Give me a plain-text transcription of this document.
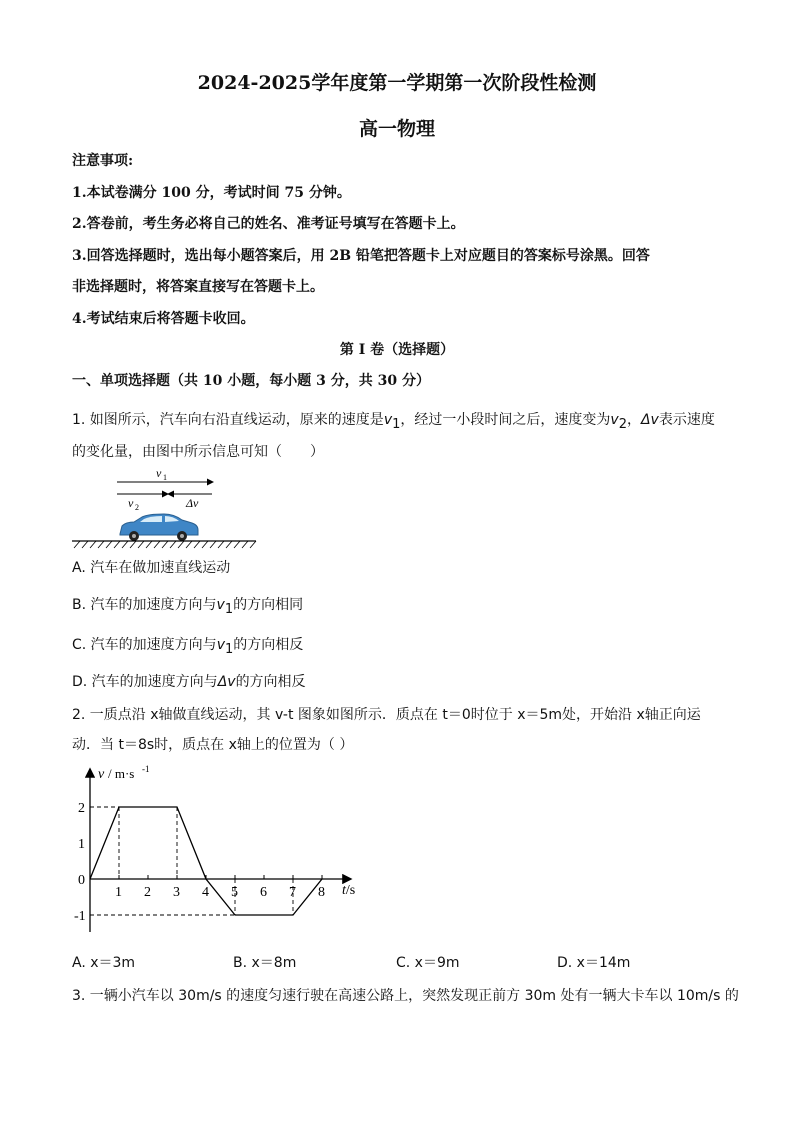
2024-2025学年度第一学期第一次阶段性检测
高一物理
注意事项:
1.本试卷满分 100 分，考试时间 75 分钟。
2.答卷前，考生务必将自己的姓名、准考证号填写在答题卡上。
3.回答选择题时，选出每小题答案后，用 2B 铅笔把答题卡上对应题目的答案标号涂黑。回答
非选择题时，将答案直接写在答题卡上。
4.考试结束后将答题卡收回。
第 I 卷（选择题）
一、单项选择题（共 10 小题，每小题 3 分，共 30 分）
1. 如图所示，汽车向右沿直线运动，原来的速度是$v_1$，经过一小段时间之后，速度变为$v_2$，Δv表示速度
的变化量，由图中所示信息可知（　　）
v 1
v 2	Δv
A. 汽车在做加速直线运动
B. 汽车的加速度方向与$v_1$的方向相同
C. 汽车的加速度方向与$v_1$的方向相反
D. 汽车的加速度方向与Δv的方向相反
2. 一质点沿 x轴做直线运动，其 v-t 图象如图所示．质点在 t＝0时位于 x＝5m处，开始沿 x轴正向运
动．当 t＝8s时，质点在 x轴上的位置为（ ）
1 2 3 4 5 6 7 8
2
1
0
-1
v / m·s -1
t/s
A. x＝3m	B. x＝8m	C. x＝9m	D. x＝14m
3. 一辆小汽车以 30m/s 的速度匀速行驶在高速公路上，突然发现正前方 30m 处有一辆大卡车以 10m/s 的
